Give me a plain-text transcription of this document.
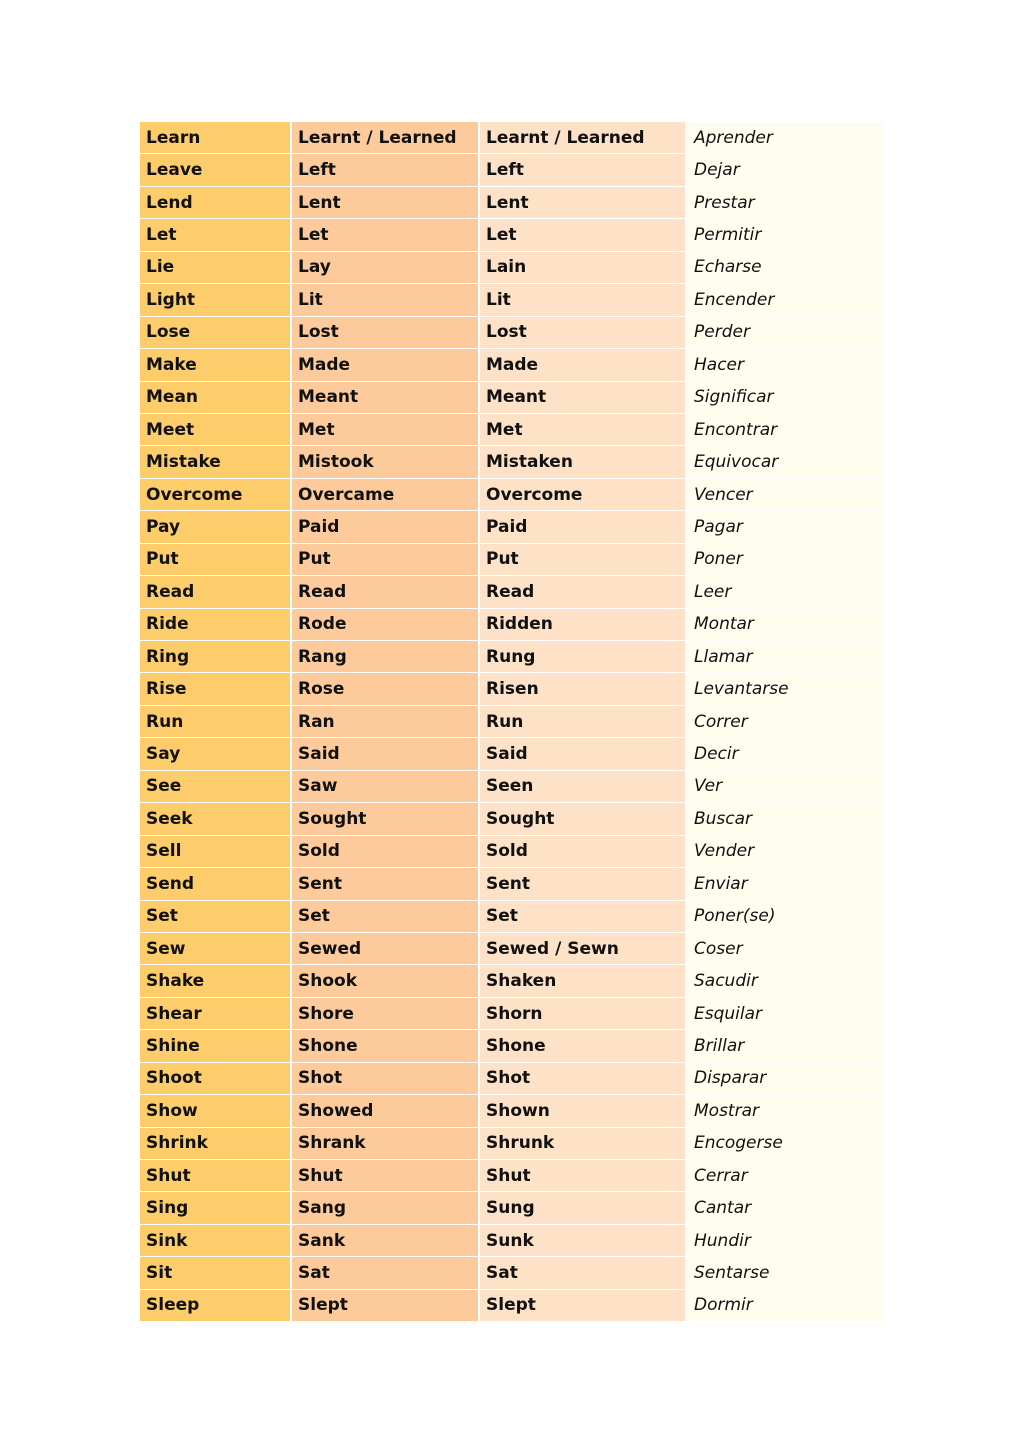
Learn	Learnt / Learned	Learnt / Learned	Aprender
Leave	Left	Left	Dejar
Lend	Lent	Lent	Prestar
Let	Let	Let	Permitir
Lie	Lay	Lain	Echarse
Light	Lit	Lit	Encender
Lose	Lost	Lost	Perder
Make	Made	Made	Hacer
Mean	Meant	Meant	Significar
Meet	Met	Met	Encontrar
Mistake	Mistook	Mistaken	Equivocar
Overcome	Overcame	Overcome	Vencer
Pay	Paid	Paid	Pagar
Put	Put	Put	Poner
Read	Read	Read	Leer
Ride	Rode	Ridden	Montar
Ring	Rang	Rung	Llamar
Rise	Rose	Risen	Levantarse
Run	Ran	Run	Correr
Say	Said	Said	Decir
See	Saw	Seen	Ver
Seek	Sought	Sought	Buscar
Sell	Sold	Sold	Vender
Send	Sent	Sent	Enviar
Set	Set	Set	Poner(se)
Sew	Sewed	Sewed / Sewn	Coser
Shake	Shook	Shaken	Sacudir
Shear	Shore	Shorn	Esquilar
Shine	Shone	Shone	Brillar
Shoot	Shot	Shot	Disparar
Show	Showed	Shown	Mostrar
Shrink	Shrank	Shrunk	Encogerse
Shut	Shut	Shut	Cerrar
Sing	Sang	Sung	Cantar
Sink	Sank	Sunk	Hundir
Sit	Sat	Sat	Sentarse
Sleep	Slept	Slept	Dormir
